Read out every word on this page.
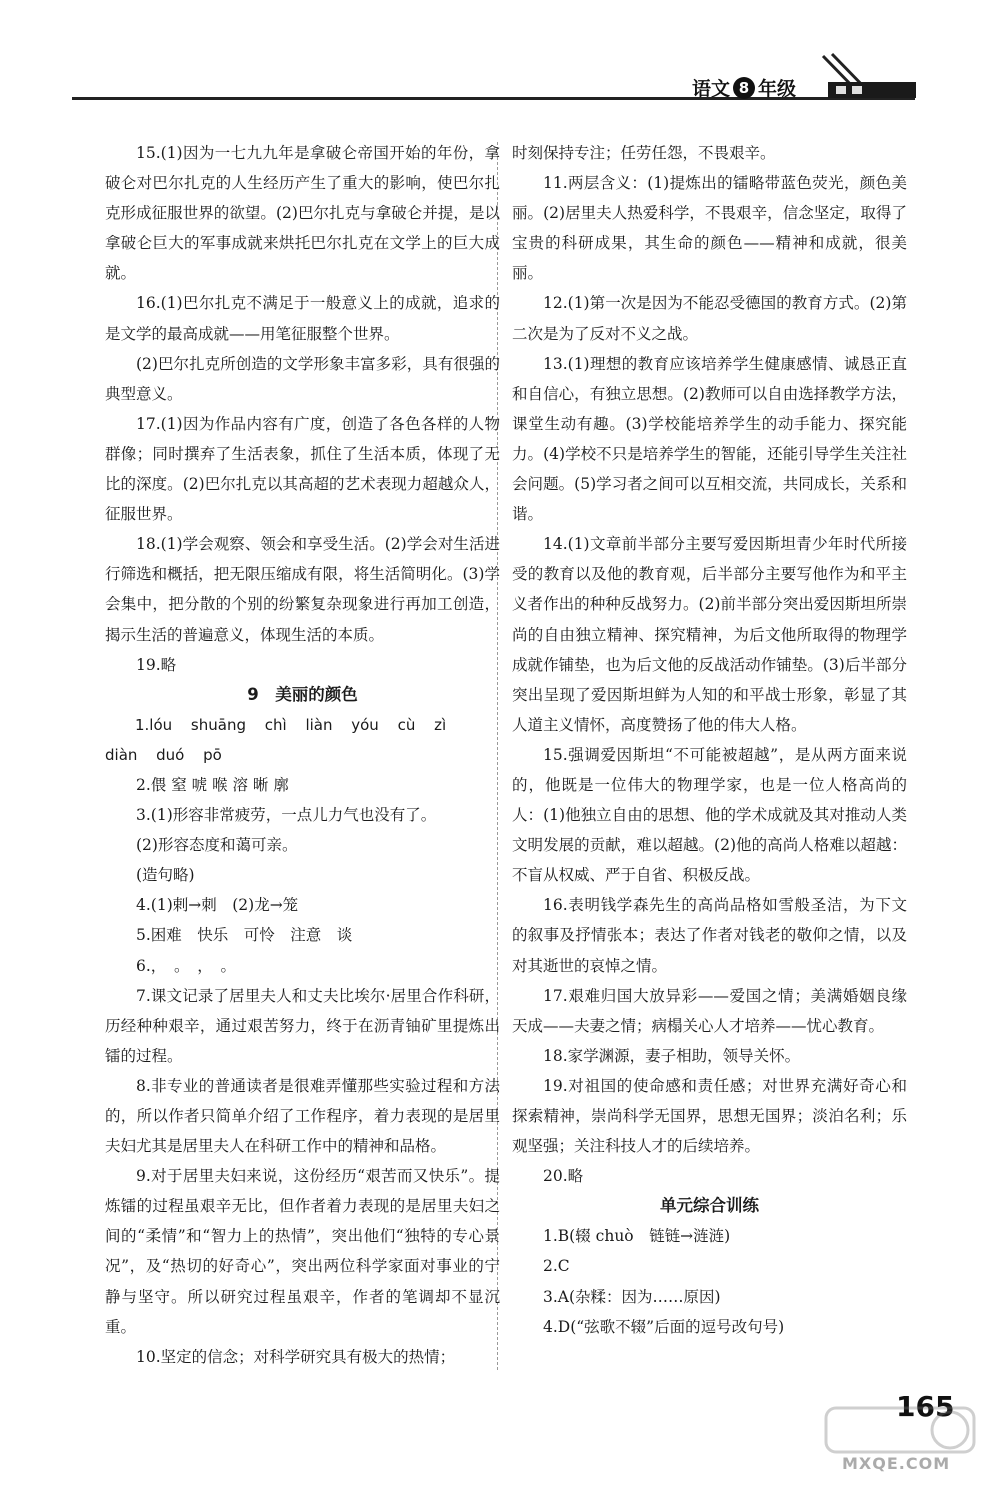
语文 8 年级

15.(1)因为一七九九年是拿破仑帝国开始的年份，拿破仑对巴尔扎克的人生经历产生了重大的影响，使巴尔扎克形成征服世界的欲望。(2)巴尔扎克与拿破仑并提，是以拿破仑巨大的军事成就来烘托巴尔扎克在文学上的巨大成就。

16.(1)巴尔扎克不满足于一般意义上的成就，追求的是文学的最高成就——用笔征服整个世界。

(2)巴尔扎克所创造的文学形象丰富多彩，具有很强的典型意义。

17.(1)因为作品内容有广度，创造了各色各样的人物群像；同时撰弃了生活表象，抓住了生活本质，体现了无比的深度。(2)巴尔扎克以其高超的艺术表现力超越众人，征服世界。

18.(1)学会观察、领会和享受生活。(2)学会对生活进行筛选和概括，把无限压缩成有限，将生活简明化。(3)学会集中，把分散的个别的纷繁复杂现象进行再加工创造，揭示生活的普遍意义，体现生活的本质。

19.略

9　美丽的颜色

1.lóu shuāng chì liàn yóu cù zì

diàn duó pō

2.偎 窒 唬 喉 溶 晰 廓

3.(1)形容非常疲劳，一点儿力气也没有了。

(2)形容态度和蔼可亲。

(造句略)

4.(1)剌→刺　(2)龙→笼

5.困难　快乐　可怜　注意　谈

6.，　。　，　。

7.课文记录了居里夫人和丈夫比埃尔·居里合作科研，历经种种艰辛，通过艰苦努力，终于在沥青铀矿里提炼出镭的过程。

8.非专业的普通读者是很难弄懂那些实验过程和方法的，所以作者只简单介绍了工作程序，着力表现的是居里夫妇尤其是居里夫人在科研工作中的精神和品格。

9.对于居里夫妇来说，这份经历“艰苦而又快乐”。提炼镭的过程虽艰辛无比，但作者着力表现的是居里夫妇之间的“柔情”和“智力上的热情”，突出他们“独特的专心景况”，及“热切的好奇心”，突出两位科学家面对事业的宁静与坚守。所以研究过程虽艰辛，作者的笔调却不显沉重。

10.坚定的信念；对科学研究具有极大的热情；

时刻保持专注；任劳任怨，不畏艰辛。

11.两层含义：(1)提炼出的镭略带蓝色荧光，颜色美丽。(2)居里夫人热爱科学，不畏艰辛，信念坚定，取得了宝贵的科研成果，其生命的颜色——精神和成就，很美丽。

12.(1)第一次是因为不能忍受德国的教育方式。(2)第二次是为了反对不义之战。

13.(1)理想的教育应该培养学生健康感情、诚恳正直和自信心，有独立思想。(2)教师可以自由选择教学方法，课堂生动有趣。(3)学校能培养学生的动手能力、探究能力。(4)学校不只是培养学生的智能，还能引导学生关注社会问题。(5)学习者之间可以互相交流，共同成长，关系和谐。

14.(1)文章前半部分主要写爱因斯坦青少年时代所接受的教育以及他的教育观，后半部分主要写他作为和平主义者作出的种种反战努力。(2)前半部分突出爱因斯坦所崇尚的自由独立精神、探究精神，为后文他所取得的物理学成就作铺垫，也为后文他的反战活动作铺垫。(3)后半部分突出呈现了爱因斯坦鲜为人知的和平战士形象，彰显了其人道主义情怀，高度赞扬了他的伟大人格。

15.强调爱因斯坦“不可能被超越”，是从两方面来说的，他既是一位伟大的物理学家，也是一位人格高尚的人：(1)他独立自由的思想、他的学术成就及其对推动人类文明发展的贡献，难以超越。(2)他的高尚人格难以超越：不盲从权威、严于自省、积极反战。

16.表明钱学森先生的高尚品格如雪般圣洁，为下文的叙事及抒情张本；表达了作者对钱老的敬仰之情，以及对其逝世的哀悼之情。

17.艰难归国大放异彩——爱国之情；美满婚姻良缘天成——夫妻之情；病榻关心人才培养——忧心教育。

18.家学渊源，妻子相助，领导关怀。

19.对祖国的使命感和责任感；对世界充满好奇心和探索精神，崇尚科学无国界，思想无国界；淡泊名利；乐观坚强；关注科技人才的后续培养。

20.略

单元综合训练

1.B(辍 chuò　链链→涟涟)

2.C

3.A(杂糅：因为……原因)

4.D(“弦歌不辍”后面的逗号改句号)

165
MXQE.COM
